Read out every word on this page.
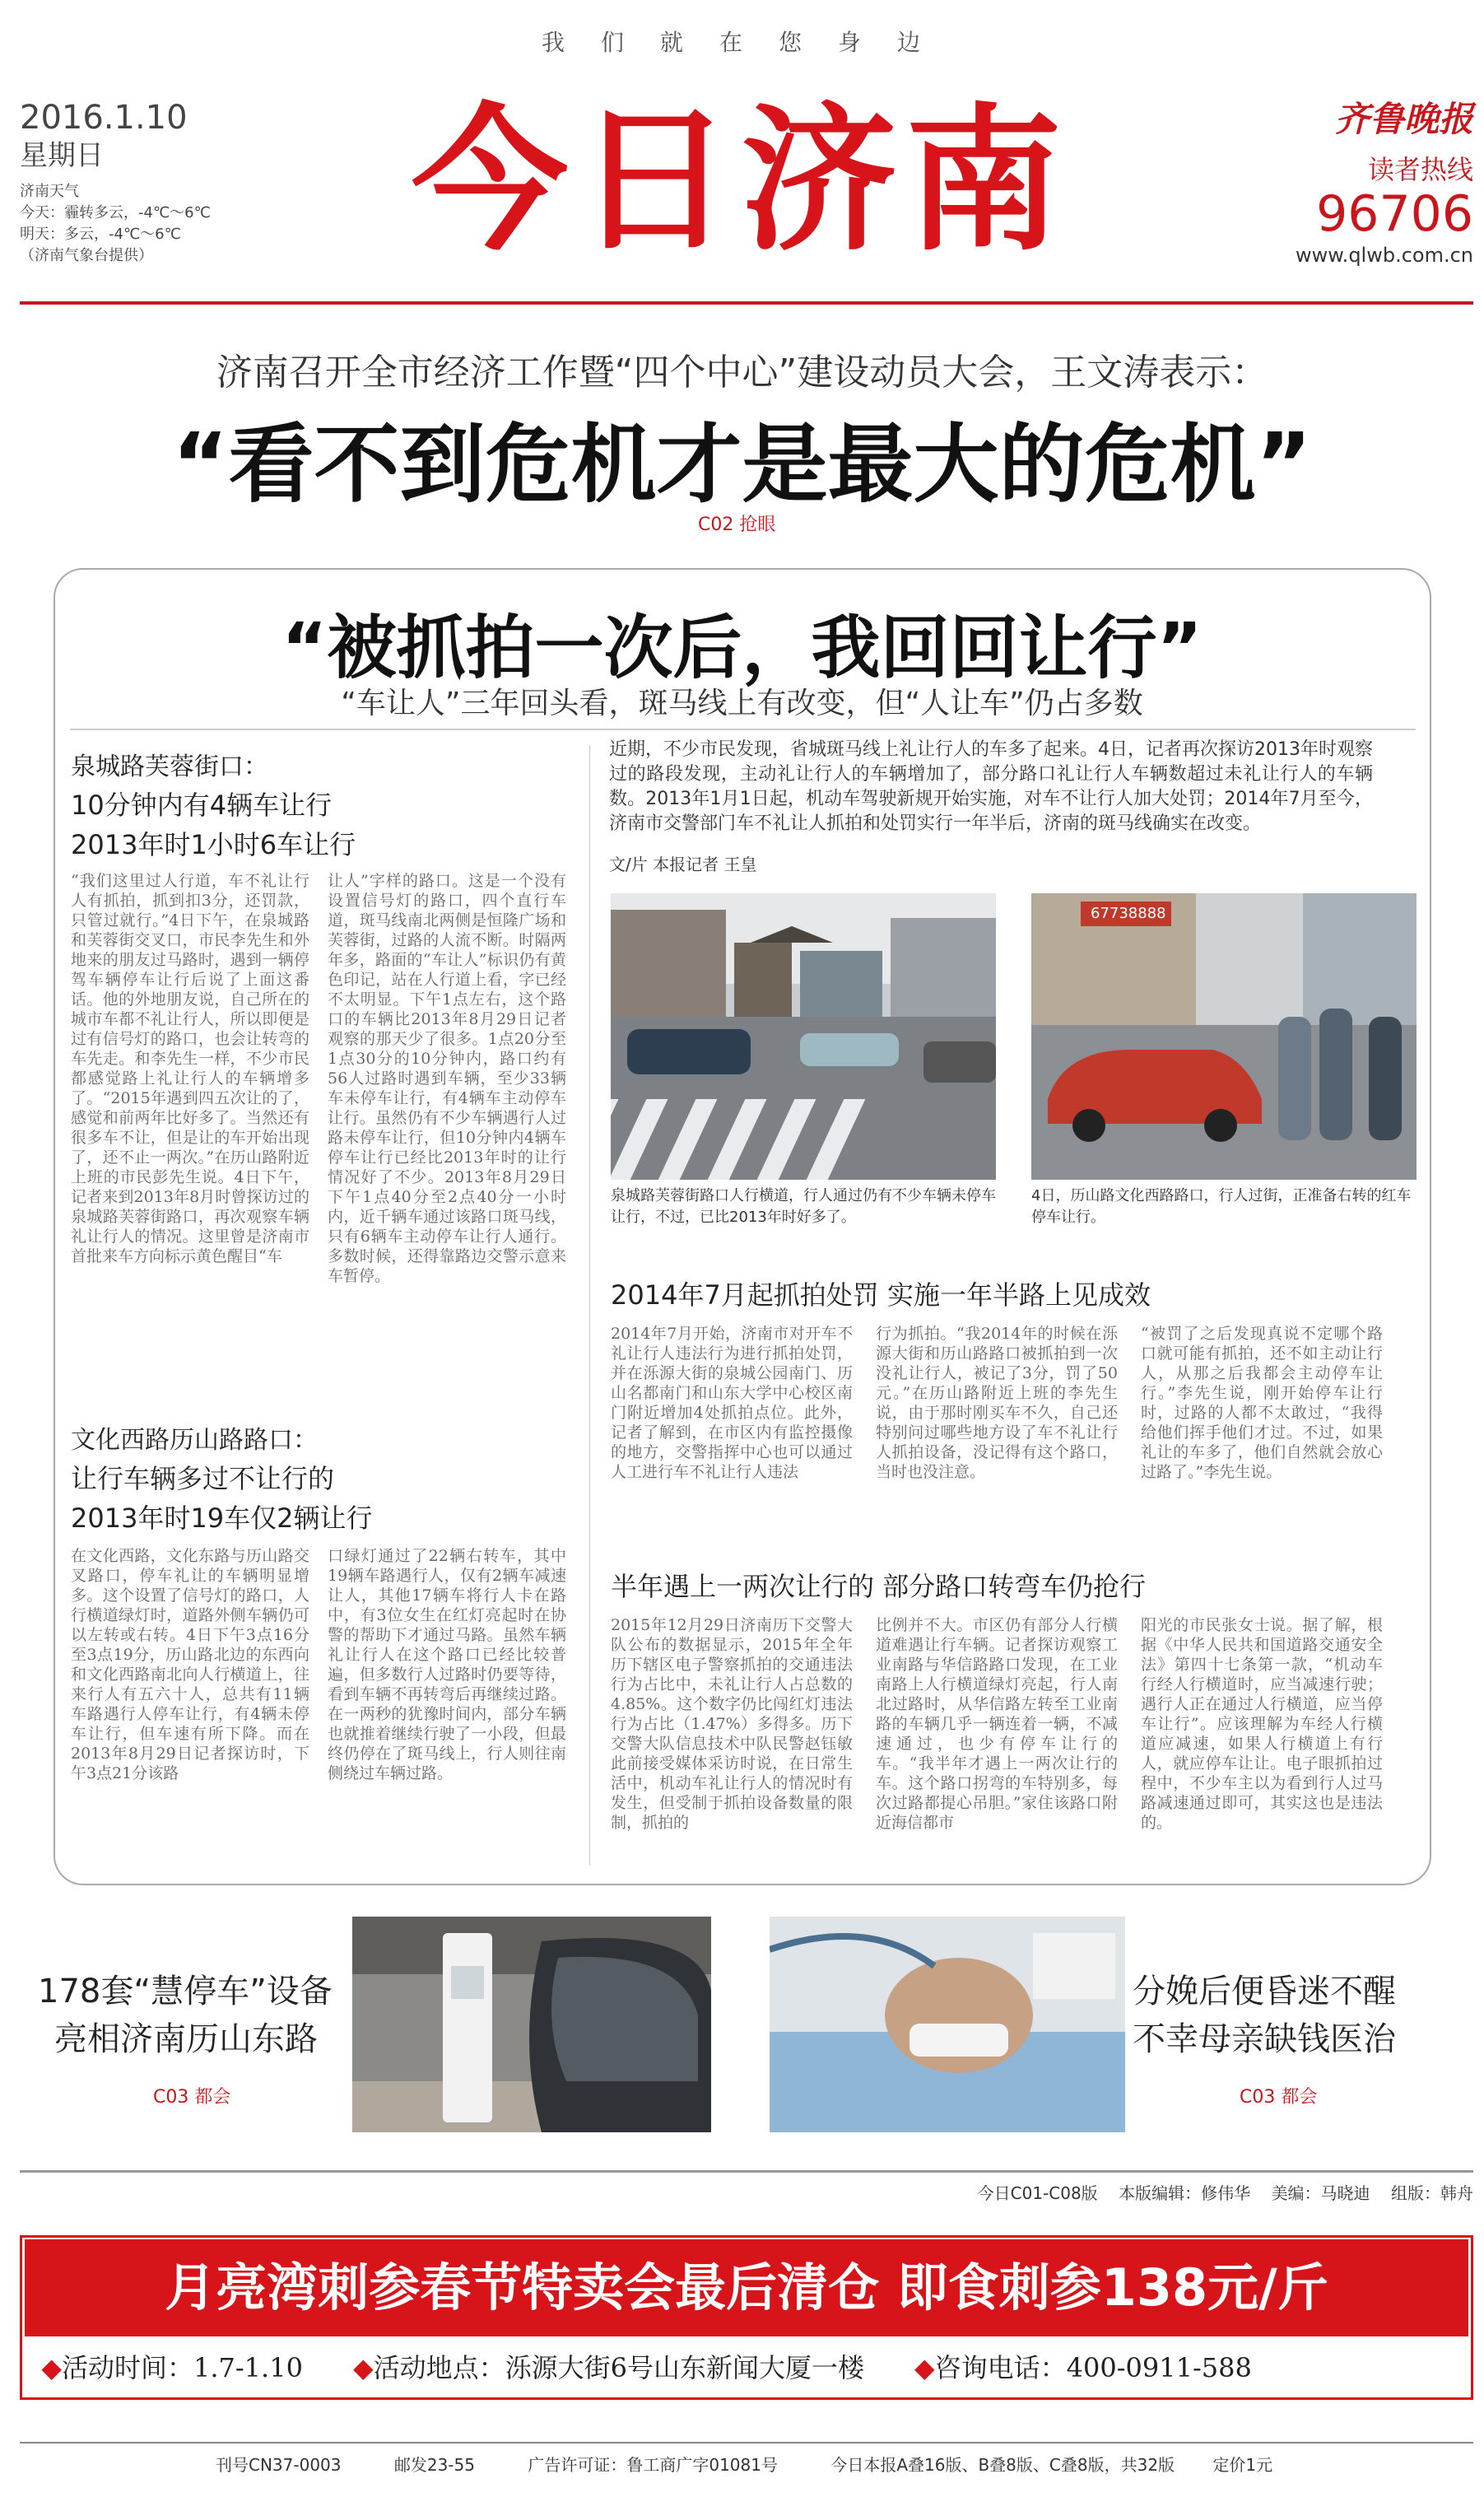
我们就在您身边
2016.1.10
星期日
济南天气
今天：霾转多云，-4℃～6℃
明天：多云，-4℃～6℃
（济南气象台提供）	今日济南	齐鲁晚报
读者热线
96706
www.qlwb.com.cn
济南召开全市经济工作暨“四个中心”建设动员大会，王文涛表示：
“看不到危机才是最大的危机”
C02 抢眼
“被抓拍一次后，我回回让行”
“车让人”三年回头看，斑马线上有改变，但“人让车”仍占多数
泉城路芙蓉街口：
10分钟内有4辆车让行
2013年时1小时6车让行
“我们这里过人行道，车不礼让行人有抓拍，抓到扣3分，还罚款，只管过就行。”4日下午，在泉城路和芙蓉街交叉口，市民李先生和外地来的朋友过马路时，遇到一辆停驾车辆停车让行后说了上面这番话。他的外地朋友说，自己所在的城市车都不礼让行人，所以即便是过有信号灯的路口，也会让转弯的车先走。和李先生一样，不少市民都感觉路上礼让行人的车辆增多了。“2015年遇到四五次让的了，感觉和前两年比好多了。当然还有很多车不让，但是让的车开始出现了，还不止一两次。”在历山路附近上班的市民彭先生说。4日下午，记者来到2013年8月时曾探访过的泉城路芙蓉街路口，再次观察车辆礼让行人的情况。这里曾是济南市首批来车方向标示黄色醒目“车
让人”字样的路口。这是一个没有设置信号灯的路口，四个直行车道，斑马线南北两侧是恒隆广场和芙蓉街，过路的人流不断。时隔两年多，路面的“车让人”标识仍有黄色印记，站在人行道上看，字已经不太明显。下午1点左右，这个路口的车辆比2013年8月29日记者观察的那天少了很多。1点20分至1点30分的10分钟内，路口约有56人过路时遇到车辆，至少33辆车未停车让行，有4辆车主动停车让行。虽然仍有不少车辆遇行人过路未停车让行，但10分钟内4辆车停车让行已经比2013年时的让行情况好了不少。2013年8月29日下午1点40分至2点40分一小时内，近千辆车通过该路口斑马线，只有6辆车主动停车让行人通行。多数时候，还得靠路边交警示意来车暂停。
文化西路历山路路口：
让行车辆多过不让行的
2013年时19车仅2辆让行
在文化西路，文化东路与历山路交叉路口，停车礼让的车辆明显增多。这个设置了信号灯的路口，人行横道绿灯时，道路外侧车辆仍可以左转或右转。4日下午3点16分至3点19分，历山路北边的东西向和文化西路南北向人行横道上，往来行人有五六十人，总共有11辆车路遇行人停车让行，有4辆未停车让行，但车速有所下降。而在2013年8月29日记者探访时，下午3点21分该路
口绿灯通过了22辆右转车，其中19辆车路遇行人，仅有2辆车减速让人，其他17辆车将行人卡在路中，有3位女生在红灯亮起时在协警的帮助下才通过马路。虽然车辆礼让行人在这个路口已经比较普遍，但多数行人过路时仍要等待，看到车辆不再转弯后再继续过路。在一两秒的犹豫时间内，部分车辆也就推着继续行驶了一小段，但最终仍停在了斑马线上，行人则往南侧绕过车辆过路。
近期，不少市民发现，省城斑马线上礼让行人的车多了起来。4日，记者再次探访2013年时观察过的路段发现，主动礼让行人的车辆增加了，部分路口礼让行人车辆数超过未礼让行人的车辆数。2013年1月1日起，机动车驾驶新规开始实施，对车不让行人加大处罚；2014年7月至今，济南市交警部门车不礼让人抓拍和处罚实行一年半后，济南的斑马线确实在改变。
文/片 本报记者 王皇
67738888
泉城路芙蓉街路口人行横道，行人通过仍有不少车辆未停车让行，不过，已比2013年时好多了。
4日，历山路文化西路路口，行人过街，正准备右转的红车停车让行。
2014年7月起抓拍处罚 实施一年半路上见成效
2014年7月开始，济南市对开车不礼让行人违法行为进行抓拍处罚，并在泺源大街的泉城公园南门、历山名都南门和山东大学中心校区南门附近增加4处抓拍点位。此外，记者了解到，在市区内有监控摄像的地方，交警指挥中心也可以通过人工进行车不礼让行人违法
行为抓拍。“我2014年的时候在泺源大街和历山路路口被抓拍到一次没礼让行人，被记了3分，罚了50元。”在历山路附近上班的李先生说，由于那时刚买车不久，自己还特别问过哪些地方设了车不礼让行人抓拍设备，没记得有这个路口，当时也没注意。
“被罚了之后发现真说不定哪个路口就可能有抓拍，还不如主动让行人，从那之后我都会主动停车让行。”李先生说，刚开始停车让行时，过路的人都不太敢过，“我得给他们挥手他们才过。不过，如果礼让的车多了，他们自然就会放心过路了。”李先生说。
半年遇上一两次让行的 部分路口转弯车仍抢行
2015年12月29日济南历下交警大队公布的数据显示，2015年全年历下辖区电子警察抓拍的交通违法行为占比中，未礼让行人占总数的4.85%。这个数字仍比闯红灯违法行为占比（1.47%）多得多。历下交警大队信息技术中队民警赵钰敏此前接受媒体采访时说，在日常生活中，机动车礼让行人的情况时有发生，但受制于抓拍设备数量的限制，抓拍的
比例并不大。市区仍有部分人行横道难遇让行车辆。记者探访观察工业南路与华信路路口发现，在工业南路上人行横道绿灯亮起，行人南北过路时，从华信路左转至工业南路的车辆几乎一辆连着一辆，不减速通过，也少有停车让行的车。“我半年才遇上一两次让行的车。这个路口拐弯的车特别多，每次过路都提心吊胆。”家住该路口附近海信都市
阳光的市民张女士说。据了解，根据《中华人民共和国道路交通安全法》第四十七条第一款，“机动车行经人行横道时，应当减速行驶；遇行人正在通过人行横道，应当停车让行”。应该理解为车经人行横道应减速，如果人行横道上有行人，就应停车让让。电子眼抓拍过程中，不少车主以为看到行人过马路减速通过即可，其实这也是违法的。
178套“慧停车”设备
亮相济南历山东路
C03 都会
分娩后便昏迷不醒
不幸母亲缺钱医治
C03 都会
今日C01-C08版 本版编辑：修伟华 美编：马晓迪 组版：韩舟
月亮湾刺参春节特卖会最后清仓 即食刺参138元/斤
◆活动时间：1.7-1.10 ◆活动地点：泺源大街6号山东新闻大厦一楼 ◆咨询电话：400-0911-588
刊号CN37-0003	邮发23-55	广告许可证：鲁工商广字01081号	今日本报A叠16版、B叠8版、C叠8版，共32版 定价1元
